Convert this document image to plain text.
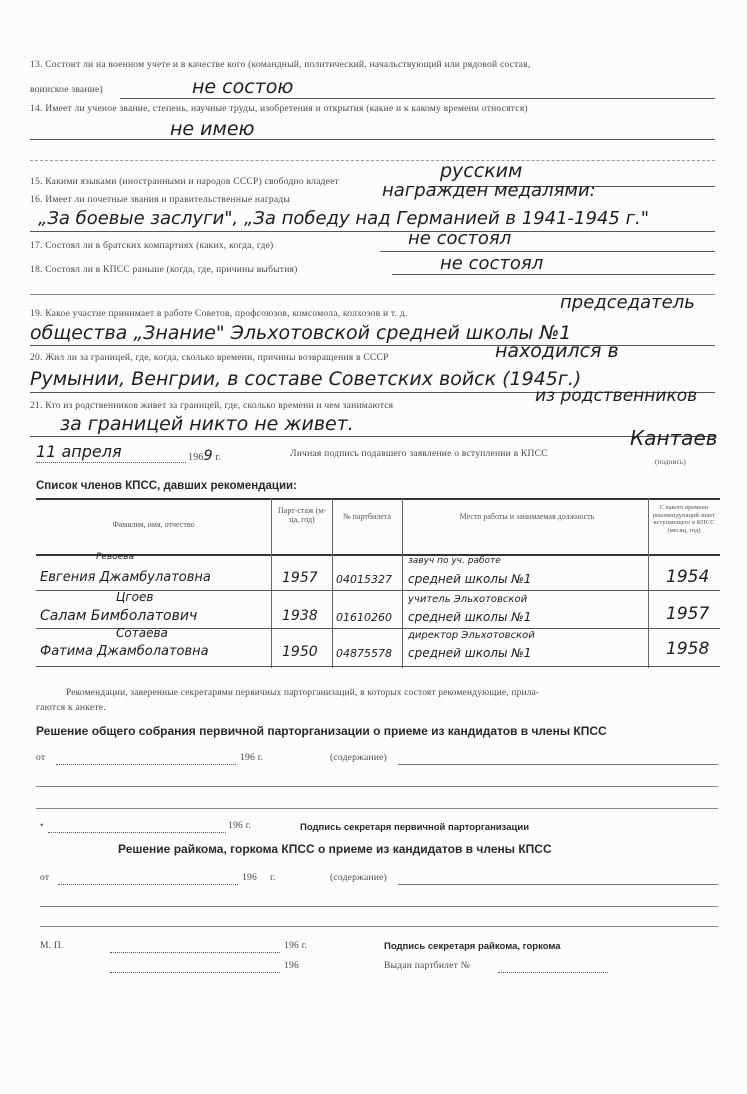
13. Состоит ли на военном учете и в качестве кого (командный, политический, начальствующий или рядовой состав,
воинское звание)	не состою
14. Имеет ли ученое звание, степень, научные труды, изобретения и открытия (какие и к какому времени относятся)
не имею
15. Какими языками (иностранными и народов СССР) свободно владеет	русским
16. Имеет ли почетные звания и правительственные награды	награжден медалями:
„За боевые заслуги", „За победу над Германией в 1941-1945 г."
17. Состоял ли в братских компартиях (каких, когда, где)	не состоял
18. Состоял ли в КПСС раньше (когда, где, причины выбытия)	не состоял
19. Какое участие принимает в работе Советов, профсоюзов, комсомола, колхозов и т. д.
председатель
общества „Знание" Эльхотовской средней школы №1
20. Жил ли за границей, где, когда, сколько времени, причины возвращения в СССР	находился в
Румынии, Венгрии, в составе Советских войск (1945г.)
21. Кто из родственников живет за границей, где, сколько времени и чем занимаются	из родственников
за границей никто не живет.
11 апреля	1969 г.	Личная подпись подавшего заявление о вступлении в КПСС
Кантаев
(подпись)
Список членов КПСС, давших рекомендации:
Фамилия, имя, отчество
Парт-стаж (м-ца, год)	№ партбилета	Место работы и занимаемая должность
С какого времени рекомендующий знает вступающего в КПСС (месяц, год)
Ревоева
Евгения Джамбулатовна	1957 04015327
завуч по уч. работе
средней школы №1	1954
Цгоев
Салам Бимболатович	1938 01610260
учитель Эльхотовской
средней школы №1	1957
Сотаева
Фатима Джамболатовна	1950 04875578
директор Эльхотовской
средней школы №1	1958
Рекомендации, заверенные секретарями первичных парторганизаций, в которых состоят рекомендующие, прила-
гаются к анкете.
Решение общего собрания первичной парторганизации о приеме из кандидатов в члены КПСС
от	196 г.	(содержание)
•	196 г.	Подпись секретаря первичной парторганизации
Решение райкома, горкома КПСС о приеме из кандидатов в члены КПСС
от	196 г.	(содержание)
М. П.	196 г.	Подпись секретаря райкома, горкома
196	Выдан партбилет №
